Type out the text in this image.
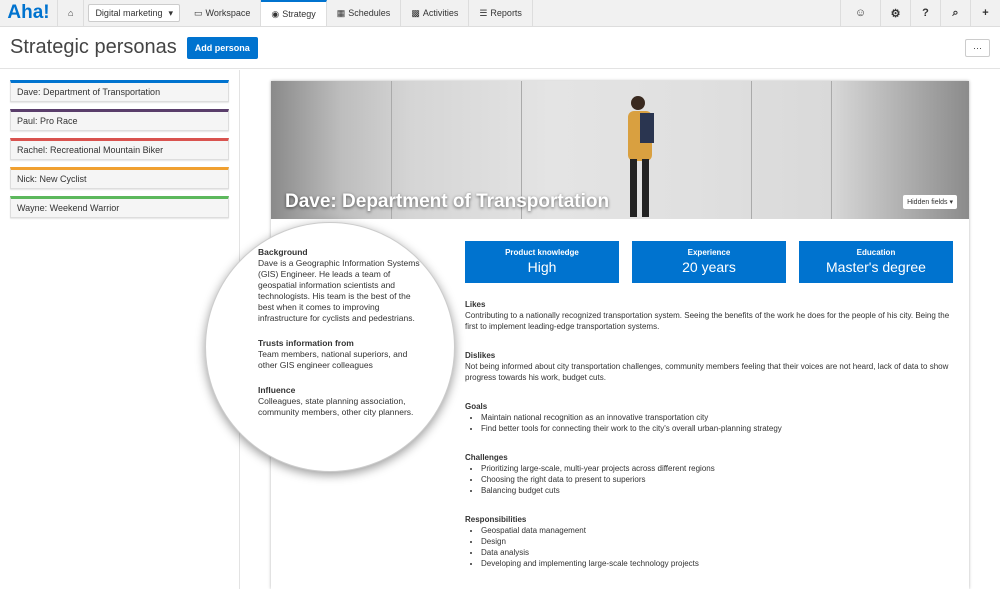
Aha!	⌂ Digital marketing ▾ ▭ Workspace ◉ Strategy ▦ Schedules ▩ Activities ☰ Reports	☺	⚙	?	⌕	+
Strategic personas	Add persona	···
Dave: Department of Transportation
Paul: Pro Race
Rachel: Recreational Mountain Biker
Nick: New Cyclist
Wayne: Weekend Warrior	Dave: Department of Transportation	Hidden fields ▾
Product knowledge
High
Experience
20 years
Education
Master's degree
Likes

Contributing to a nationally recognized transportation system. Seeing the benefits of the work he does for the people of his city. Being the first to implement leading-edge transportation systems.

Dislikes

Not being informed about city transportation challenges, community members feeling that their voices are not heard, lack of data to show progress towards his work, budget cuts.

Goals
• Maintain national recognition as an innovative transportation city
• Find better tools for connecting their work to the city's overall urban-planning strategy
Challenges
• Prioritizing large-scale, multi-year projects across different regions
• Choosing the right data to present to superiors
• Balancing budget cuts
Responsibilities
• Geospatial data management
• Design
• Data analysis
• Developing and implementing large-scale technology projects
Background

Dave is a Geographic Information Systems (GIS) Engineer. He leads a team of geospatial information scientists and technologists. His team is the best of the best when it comes to improving infrastructure for cyclists and pedestrians.

Trusts information from

Team members, national superiors, and other GIS engineer colleagues

Influence

Colleagues, state planning association, community members, other city planners.
